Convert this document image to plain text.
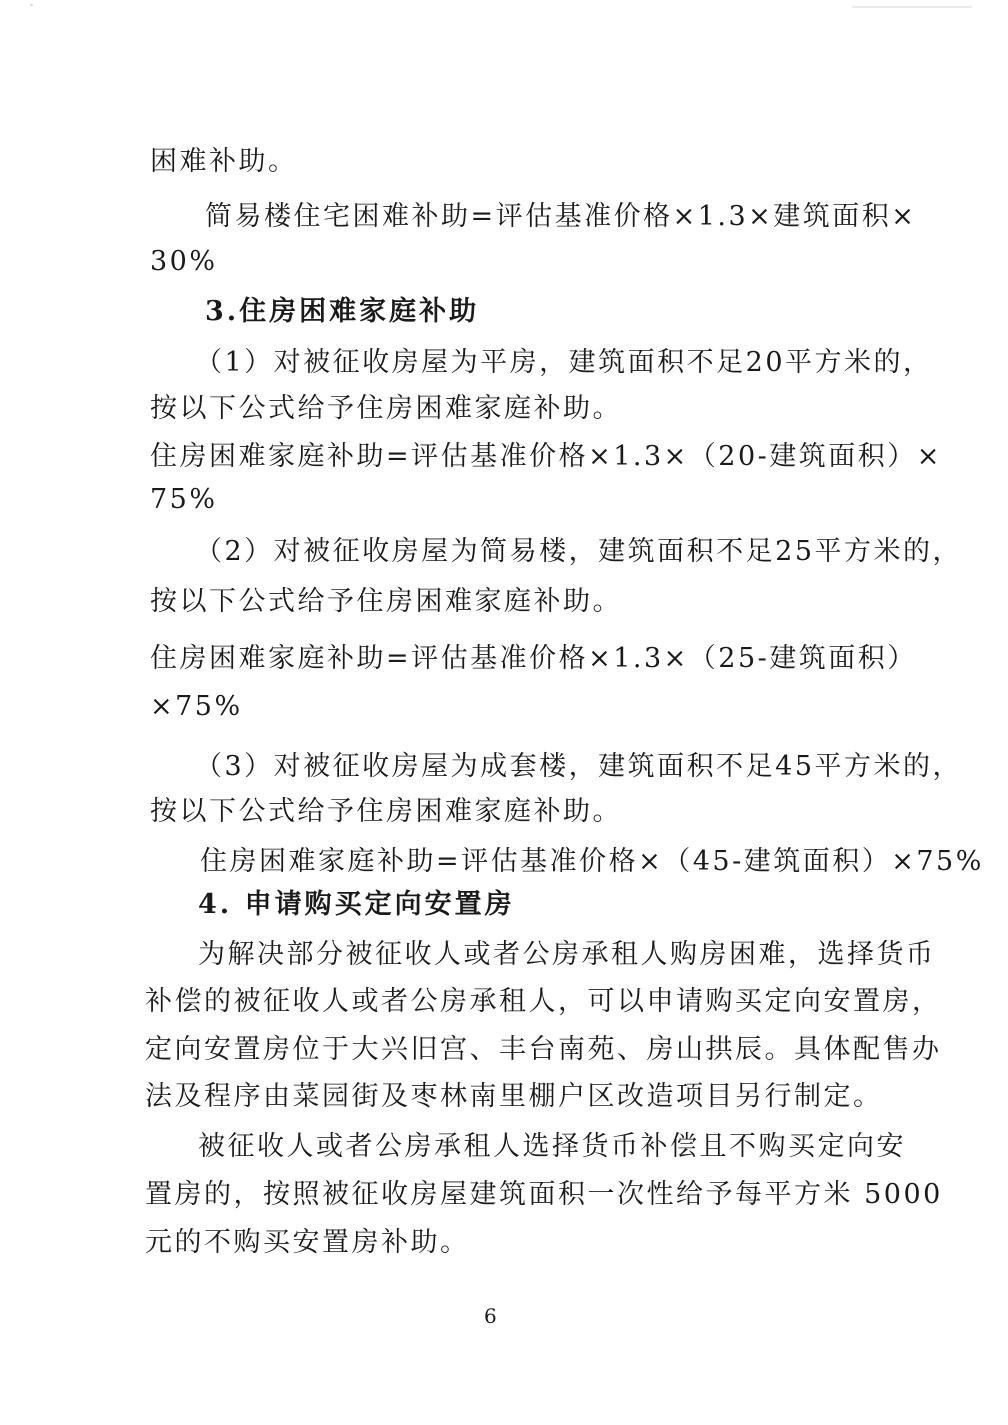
困难补助。
简易楼住宅困难补助=评估基准价格×1.3×建筑面积×
30%
3.住房困难家庭补助
（1）对被征收房屋为平房，建筑面积不足20平方米的，
按以下公式给予住房困难家庭补助。
住房困难家庭补助=评估基准价格×1.3×（20-建筑面积）×
75%
（2）对被征收房屋为简易楼，建筑面积不足25平方米的，
按以下公式给予住房困难家庭补助。
住房困难家庭补助=评估基准价格×1.3×（25-建筑面积）
×75%
（3）对被征收房屋为成套楼，建筑面积不足45平方米的，
按以下公式给予住房困难家庭补助。
住房困难家庭补助=评估基准价格×（45-建筑面积）×75%
4. 申请购买定向安置房
为解决部分被征收人或者公房承租人购房困难，选择货币
补偿的被征收人或者公房承租人，可以申请购买定向安置房，
定向安置房位于大兴旧宫、丰台南苑、房山拱辰。具体配售办
法及程序由菜园街及枣林南里棚户区改造项目另行制定。
被征收人或者公房承租人选择货币补偿且不购买定向安
置房的，按照被征收房屋建筑面积一次性给予每平方米 5000
元的不购买安置房补助。
6
